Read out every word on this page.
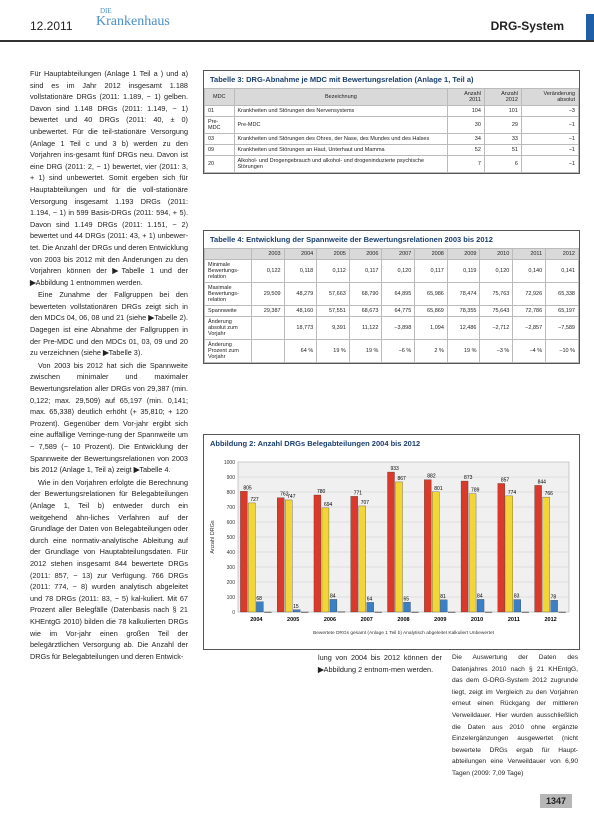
12.2011
DIE
Krankenhaus	DRG-System

Für Hauptabteilungen (Anlage 1 Teil a ) und a) sind es im Jahr 2012 insgesamt 1.188 vollstationäre DRGs (2011: 1.189, − 1) gelben. Davon sind 1.148 DRGs (2011: 1.149, − 1) bewertet und 40 DRGs (2011: 40, ± 0) unbewertet. Für die teil-stationäre Versorgung (Anlage 1 Teil c und 3 b) werden zu den Vorjahren ins-gesamt fünf DRGs neu. Davon ist eine DRG (2011: 2, − 1) bewertet, vier (2011: 3, + 1) sind unbewertet. Somit ergeben sich für Hauptabteilungen und für die voll-stationäre Versorgung insgesamt 1.193 DRGs (2011: 1.194, − 1) in 599 Basis-DRGs (2011: 594, + 5). Davon sind 1.149 DRGs (2011: 1.151, − 2) bewertet und 44 DRGs (2011: 43, + 1) unbewer-tet. Die Anzahl der DRGs und deren Entwicklung von 2003 bis 2012 mit den Änderungen zu den Vorjahren können der ▶Tabelle 1 und der ▶Abbildung 1 entnommen werden.

Eine Zunahme der Fallgruppen bei den bewerteten vollstationären DRGs zeigt sich in den MDCs 04, 06, 08 und 21 (siehe ▶Tabelle 2). Dagegen ist eine Abnahme der Fallgruppen in der Pre-MDC und den MDCs 01, 03, 09 und 20 zu verzeichnen (siehe ▶Tabelle 3).

Von 2003 bis 2012 hat sich die Spannweite zwischen minimaler und maximaler Bewertungsrelation aller DRGs von 29,387 (min. 0,122; max. 29,509) auf 65,197 (min. 0,141; max. 65,338) deutlich erhöht (+ 35,810; + 120 Prozent). Gegenüber dem Vor-jahr ergibt sich eine auffällige Verringe-rung der Spannweite um − 7,589 (− 10 Prozent). Die Entwicklung der Spannweite der Bewertungsrelationen von 2003 bis 2012 (Anlage 1, Teil a) zeigt ▶Tabelle 4.

Wie in den Vorjahren erfolgte die Berechnung der Bewertungsrelationen für Belegabteilungen (Anlage 1, Teil b) entweder durch ein weitgehend ähn-liches Verfahren auf der Grundlage der Daten von Belegabteilungen oder durch eine normativ-analytische Ableitung auf der Grundlage von Hauptabteilungsdaten. Für 2012 stehen insgesamt 844 bewertete DRGs (2011: 857, − 13) zur Verfügung. 766 DRGs (2011: 774, − 8) wurden analytisch abgeleitet und 78 DRGs (2011: 83, − 5) kal-kuliert. Mit 67 Prozent aller Belegfälle (Datenbasis nach § 21 KHEntgG 2010) bilden die 78 kalkulierten DRGs wie im Vor-jahr einen großen Teil der belegärztlichen Versorgung ab. Die Anzahl der DRGs für Belegabteilungen und deren Entwick-

Tabelle 3: DRG-Abnahme je MDC mit Bewertungsrelation (Anlage 1, Teil a)
MDC	Bezeichnung	Anzahl 2011	Anzahl 2012	Veränderung absolut
01	Krankheiten und Störungen des Nervensystems	104	101	−3
Pre-MDC	Pre-MDC	30	29	−1
03	Krankheiten und Störungen des Ohres, der Nase, des Mundes und des Halses	34	33	−1
09	Krankheiten und Störungen an Haut, Unterhaut und Mamma	52	51	−1
20	Alkohol- und Drogengebrauch und alkohol- und drogeninduzierte psychische Störungen	7	6	−1
Tabelle 4: Entwicklung der Spannweite der Bewertungsrelationen 2003 bis 2012
	2003	2004	2005	2006	2007	2008	2009	2010	2011	2012
Minimale Bewertungs-relation	0,122	0,118	0,112	0,117	0,120	0,117	0,119	0,120	0,140	0,141
Maximale Bewertungs-relation	29,509	48,279	57,663	68,790	64,895	65,986	78,474	75,763	72,926	65,338
Spannweite	29,387	48,160	57,551	68,673	64,775	65,869	78,355	75,643	72,786	65,197
Änderung absolut zum Vorjahr		18,773	9,391	11,122	−3,898	1,094	12,486	−2,712	−2,857	−7,589
Änderung Prozent zum Vorjahr		64 %	19 %	19 %	−6 %	2 %	19 %	−3 %	−4 %	−10 %
Abbildung 2: Anzahl DRGs Belegabteilungen 2004 bis 2012
0
100
200
300
400
500
600
700
800
900
1000
Anzahl DRGs
805
727
68
2004
762
747
15
2005
780
694
84
2006
771
707
64
2007
933
867
65
2008
882
801
81
2009
873
789
84
2010
857
774
83
2011
844
766
78
2012
Bewertete DRGs gesamt (Anlage 1 Teil b) Analytisch abgeleitet Kalkuliert Unbewertet
lung von 2004 bis 2012 können der ▶Abbildung 2 entnom-men werden.
Die Auswertung der Daten des Datenjahres 2010 nach § 21 KHEntgG, das dem G-DRG-System 2012 zugrunde liegt, zeigt im Vergleich zu den Vorjahren erneut einen Rückgang der mittleren Verweildauer. Hier wurden ausschließlich die Daten aus 2010 ohne ergänzte Einzelergänzungen ausgewertet (nicht bewertete DRGs ergab für Haupt-abteilungen eine Verweildauer von 6,90 Tagen (2009: 7,09 Tage)
1347
